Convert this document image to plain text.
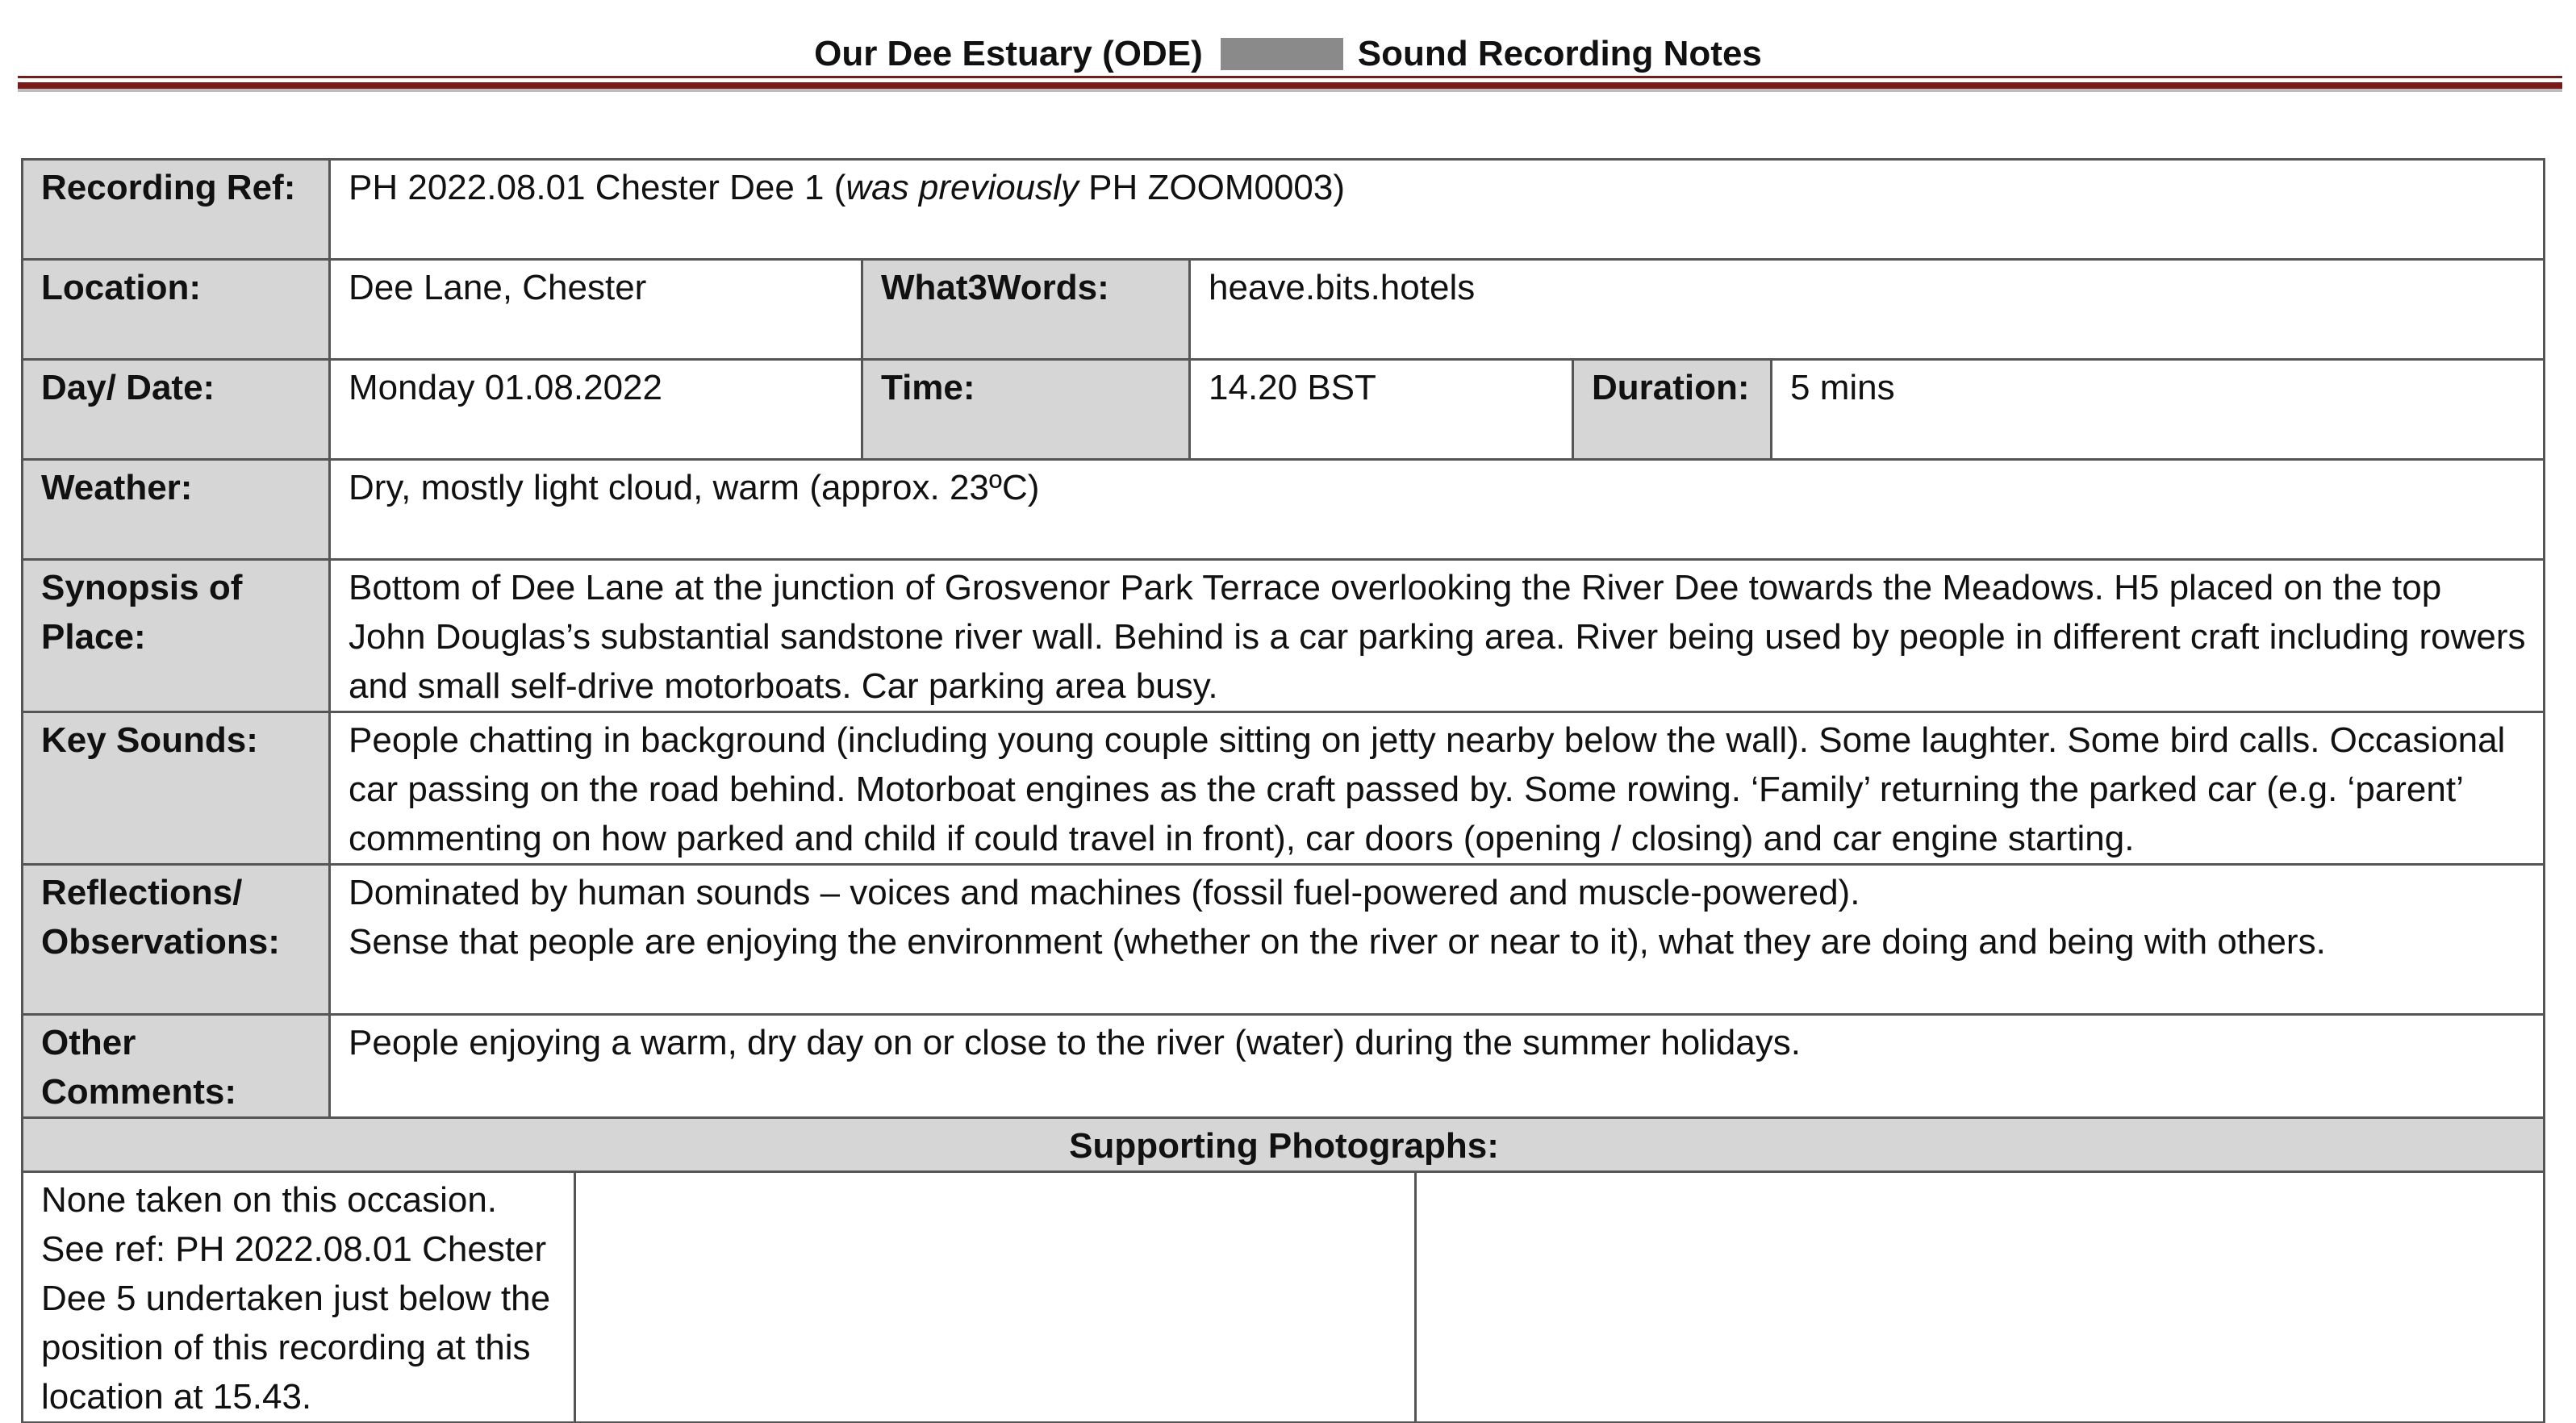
Our Dee Estuary (ODE)	Sound Recording Notes
Recording Ref:	PH 2022.08.01 Chester Dee 1 (was previously PH ZOOM0003)						
Location:	Dee Lane, Chester		What3Words:	heave.bits.hotels			
Day/ Date:	Monday 01.08.2022		Time:	14.20 BST		Duration:	5 mins
Weather:	Dry, mostly light cloud, warm (approx. 23ºC)						
Synopsis of Place:	Bottom of Dee Lane at the junction of Grosvenor Park Terrace overlooking the River Dee towards the Meadows. H5 placed on the top John Douglas’s substantial sandstone river wall. Behind is a car parking area. River being used by people in different craft including rowers and small self-drive motorboats. Car parking area busy.						
Key Sounds:	People chatting in background (including young couple sitting on jetty nearby below the wall). Some laughter. Some bird calls. Occasional car passing on the road behind. Motorboat engines as the craft passed by. Some rowing. ‘Family’ returning the parked car (e.g. ‘parent’ commenting on how parked and child if could travel in front), car doors (opening / closing) and car engine starting.						
Reflections/ Observations:	Dominated by human sounds – voices and machines (fossil fuel-powered and muscle-powered).
Sense that people are enjoying the environment (whether on the river or near to it), what they are doing and being with others.						

Other Comments:	People enjoying a warm, dry day on or close to the river (water) during the summer holidays.						
Supporting Photographs:							

None taken on this occasion.
See ref: PH 2022.08.01 Chester Dee 5 undertaken just below the position of this recording at this location at 15.43.							
